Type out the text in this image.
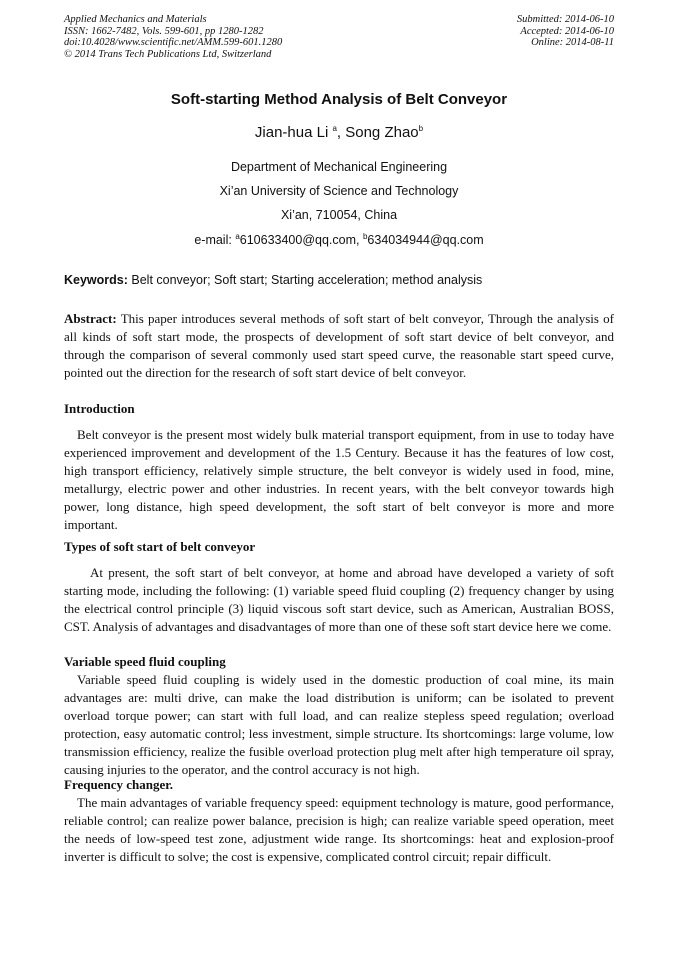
Applied Mechanics and Materials
ISSN: 1662-7482, Vols. 599-601, pp 1280-1282
doi:10.4028/www.scientific.net/AMM.599-601.1280
© 2014 Trans Tech Publications Ltd, Switzerland
Submitted: 2014-06-10
Accepted: 2014-06-10
Online: 2014-08-11
Soft-starting Method Analysis of Belt Conveyor
Jian-hua Li $^a$, Song Zhao$^b$
Department of Mechanical Engineering
Xi’an University of Science and Technology
Xi’an, 710054, China
e-mail: $^a$610633400@qq.com, $^b$634034944@qq.com
Keywords: Belt conveyor; Soft start; Starting acceleration; method analysis
Abstract: This paper introduces several methods of soft start of belt conveyor, Through the analysis of all kinds of soft start mode, the prospects of development of soft start device of belt conveyor, and through the comparison of several commonly used start speed curve, the reasonable start speed curve, pointed out the direction for the research of soft start device of belt conveyor.
Introduction

Belt conveyor is the present most widely bulk material transport equipment, from in use to today have experienced improvement and development of the 1.5 Century. Because it has the features of low cost, high transport efficiency, relatively simple structure, the belt conveyor is widely used in food, mine, metallurgy, electric power and other industries. In recent years, with the belt conveyor towards high power, long distance, high speed development, the soft start of belt conveyor is more and more important.

Types of soft start of belt conveyor

At present, the soft start of belt conveyor, at home and abroad have developed a variety of soft starting mode, including the following: (1) variable speed fluid coupling (2) frequency changer by using the electrical control principle (3) liquid viscous soft start device, such as American, Australian BOSS, CST. Analysis of advantages and disadvantages of more than one of these soft start device here we come.

Variable speed fluid coupling

Variable speed fluid coupling is widely used in the domestic production of coal mine, its main advantages are: multi drive, can make the load distribution is uniform; can be isolated to prevent overload torque power; can start with full load, and can realize stepless speed regulation; overload protection, easy automatic control; less investment, simple structure. Its shortcomings: large volume, low transmission efficiency, realize the fusible overload protection plug melt after high temperature oil spray, causing injuries to the operator, and the control accuracy is not high.

Frequency changer.

The main advantages of variable frequency speed: equipment technology is mature, good performance, reliable control; can realize power balance, precision is high; can realize variable speed operation, meet the needs of low-speed test zone, adjustment wide range. Its shortcomings: heat and explosion-proof inverter is difficult to solve; the cost is expensive, complicated control circuit; repair difficult.
